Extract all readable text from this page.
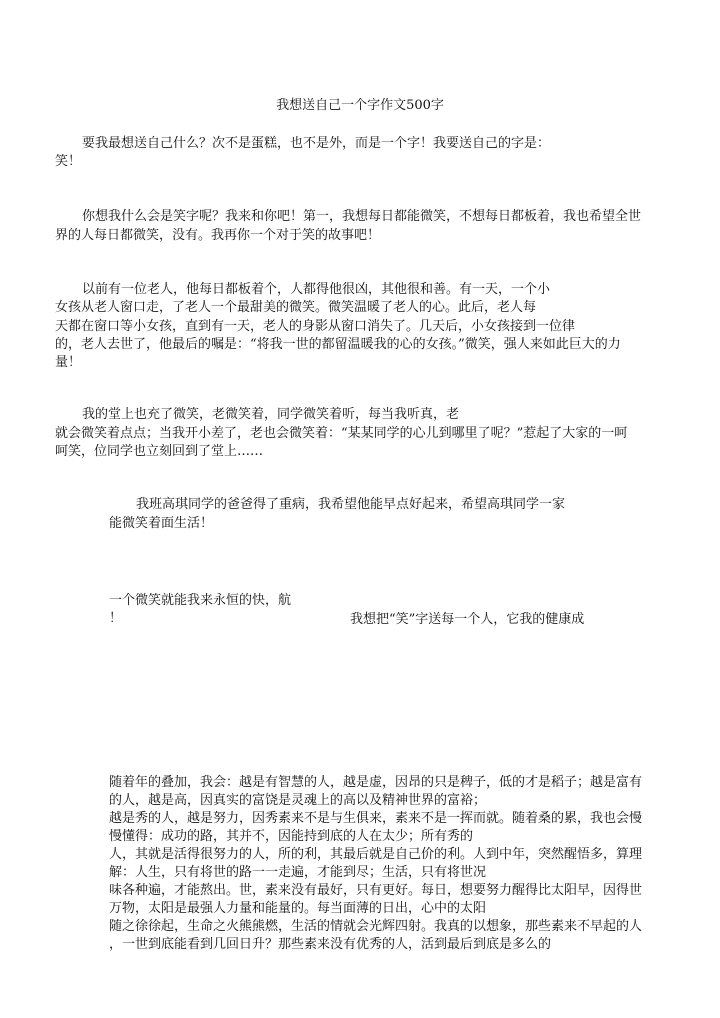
我想送自己一个字作文500字
要我最想送自己什么？次不是蛋糕，也不是外，而是一个字！我要送自己的字是：
笑！
你想我什么会是笑字呢？我来和你吧！第一，我想每日都能微笑，不想每日都板着，我也希望全世
界的人每日都微笑，没有。我再你一个对于笑的故事吧！
以前有一位老人，他每日都板着个，人都得他很凶，其他很和善。有一天，一个小
女孩从老人窗口走，了老人一个最甜美的微笑。微笑温暖了老人的心。此后，老人每
天都在窗口等小女孩，直到有一天，老人的身影从窗口消失了。几天后，小女孩接到一位律
的，老人去世了，他最后的嘱是：“将我一世的都留温暖我的心的女孩。”微笑，强人来如此巨大的力
量！
我的堂上也充了微笑，老微笑着，同学微笑着听，每当我听真，老
就会微笑着点点；当我开小差了，老也会微笑着：“某某同学的心儿到哪里了呢？”惹起了大家的一呵
呵笑，位同学也立刻回到了堂上……
我班高琪同学的爸爸得了重病，我希望他能早点好起来，希望高琪同学一家
能微笑着面生活！
一个微笑就能我来永恒的快，航
！	我想把“笑”字送每一个人，它我的健康成
随着年的叠加，我会：越是有智慧的人，越是虚，因昂的只是稗子，低的才是稻子；越是富有
的人，越是高，因真实的富饶是灵魂上的高以及精神世界的富裕；
越是秀的人，越是努力，因秀素来不是与生俱来，素来不是一挥而就。随着桑的累，我也会慢
慢懂得：成功的路，其并不，因能持到底的人在太少；所有秀的
人，其就是活得很努力的人，所的利，其最后就是自己价的利。人到中年，突然醒悟多，算理
解：人生，只有将世的路一一走遍，才能到尽；生活，只有将世况
味各种遍，才能熬出。世，素来没有最好，只有更好。每日，想要努力醒得比太阳早，因得世
万物，太阳是最强人力量和能量的。每当面薄的日出，心中的太阳
随之徐徐起，生命之火熊熊燃，生活的情就会光辉四射。我真的以想象，那些素来不早起的人
，一世到底能看到几回日升？那些素来没有优秀的人，活到最后到底是多么的
